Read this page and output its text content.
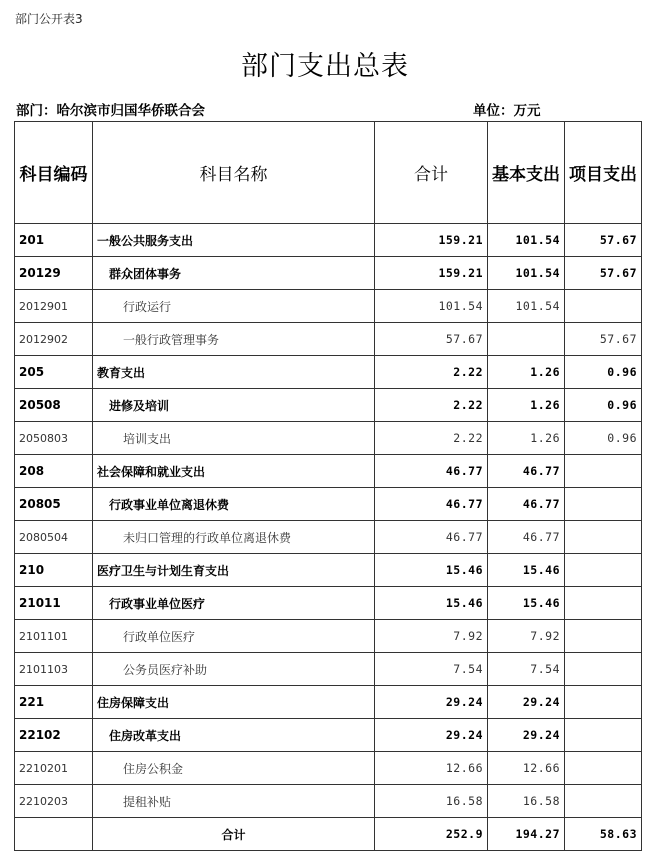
部门公开表3
部门支出总表
部门：哈尔滨市归国华侨联合会	单位：万元
科目编码	科目名称	合计	基本支出	项目支出
201	一般公共服务支出	159.21	101.54	57.67
20129	群众团体事务	159.21	101.54	57.67
2012901	行政运行	101.54	101.54	
2012902	一般行政管理事务	57.67		57.67
205	教育支出	2.22	1.26	0.96
20508	进修及培训	2.22	1.26	0.96
2050803	培训支出	2.22	1.26	0.96
208	社会保障和就业支出	46.77	46.77	
20805	行政事业单位离退休费	46.77	46.77	
2080504	未归口管理的行政单位离退休费	46.77	46.77	
210	医疗卫生与计划生育支出	15.46	15.46	
21011	行政事业单位医疗	15.46	15.46	
2101101	行政单位医疗	7.92	7.92	
2101103	公务员医疗补助	7.54	7.54	
221	住房保障支出	29.24	29.24	
22102	住房改革支出	29.24	29.24	
2210201	住房公积金	12.66	12.66	
2210203	提租补贴	16.58	16.58	
	合计	252.9	194.27	58.63
